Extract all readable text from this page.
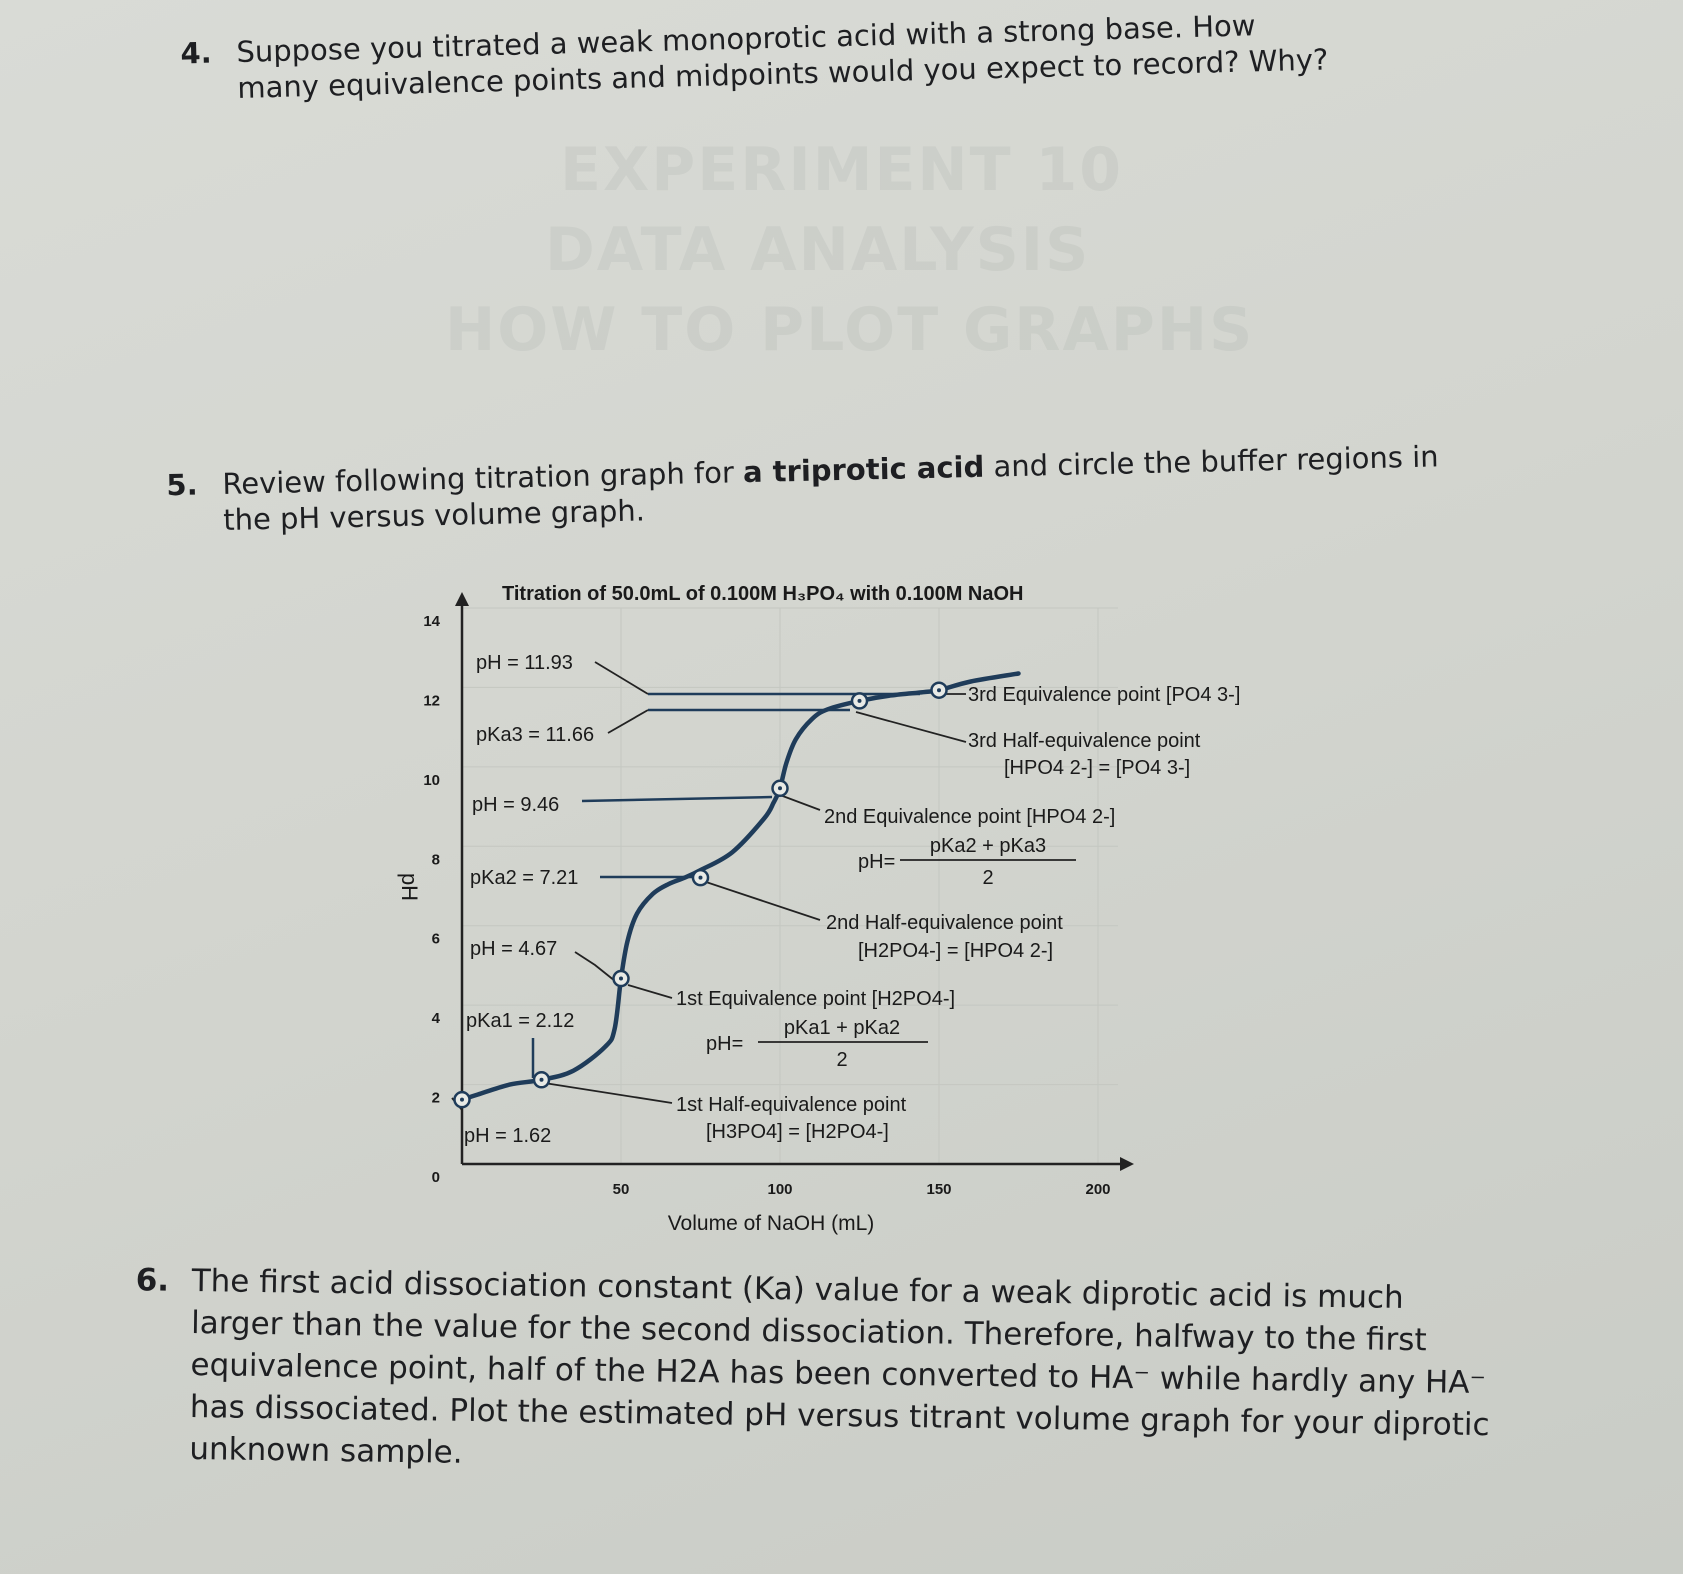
EXPERIMENT 10
DATA ANALYSIS
HOW TO PLOT GRAPHS
4. Suppose you titrated a weak monoprotic acid with a strong base. How many equivalence points and midpoints would you expect to record? Why?
5. Review following titration graph for a triprotic acid and circle the buffer regions in the pH versus volume graph.
0
2
4
6
8
10
12
14
50	100	150	200
Titration of 50.0mL of 0.100M H₃PO₄ with 0.100M NaOH
pH
Volume of NaOH (mL)
pH = 11.93
pKa3 = 11.66
pH = 9.46
pKa2 = 7.21
pH = 4.67
pKa1 = 2.12
pH = 1.62
3rd Equivalence point [PO4 3-]
3rd Half-equivalence point
[HPO4 2-] = [PO4 3-]
2nd Equivalence point [HPO4 2-]
pH=
pKa2 + pKa3
2
2nd Half-equivalence point
[H2PO4-] = [HPO4 2-]
1st Equivalence point [H2PO4-]
pH=
pKa1 + pKa2
2
1st Half-equivalence point
[H3PO4] = [H2PO4-]
6. The first acid dissociation constant (Ka) value for a weak diprotic acid is much larger than the value for the second dissociation. Therefore, halfway to the first equivalence point, half of the H2A has been converted to HA⁻ while hardly any HA⁻ has dissociated. Plot the estimated pH versus titrant volume graph for your diprotic unknown sample.
